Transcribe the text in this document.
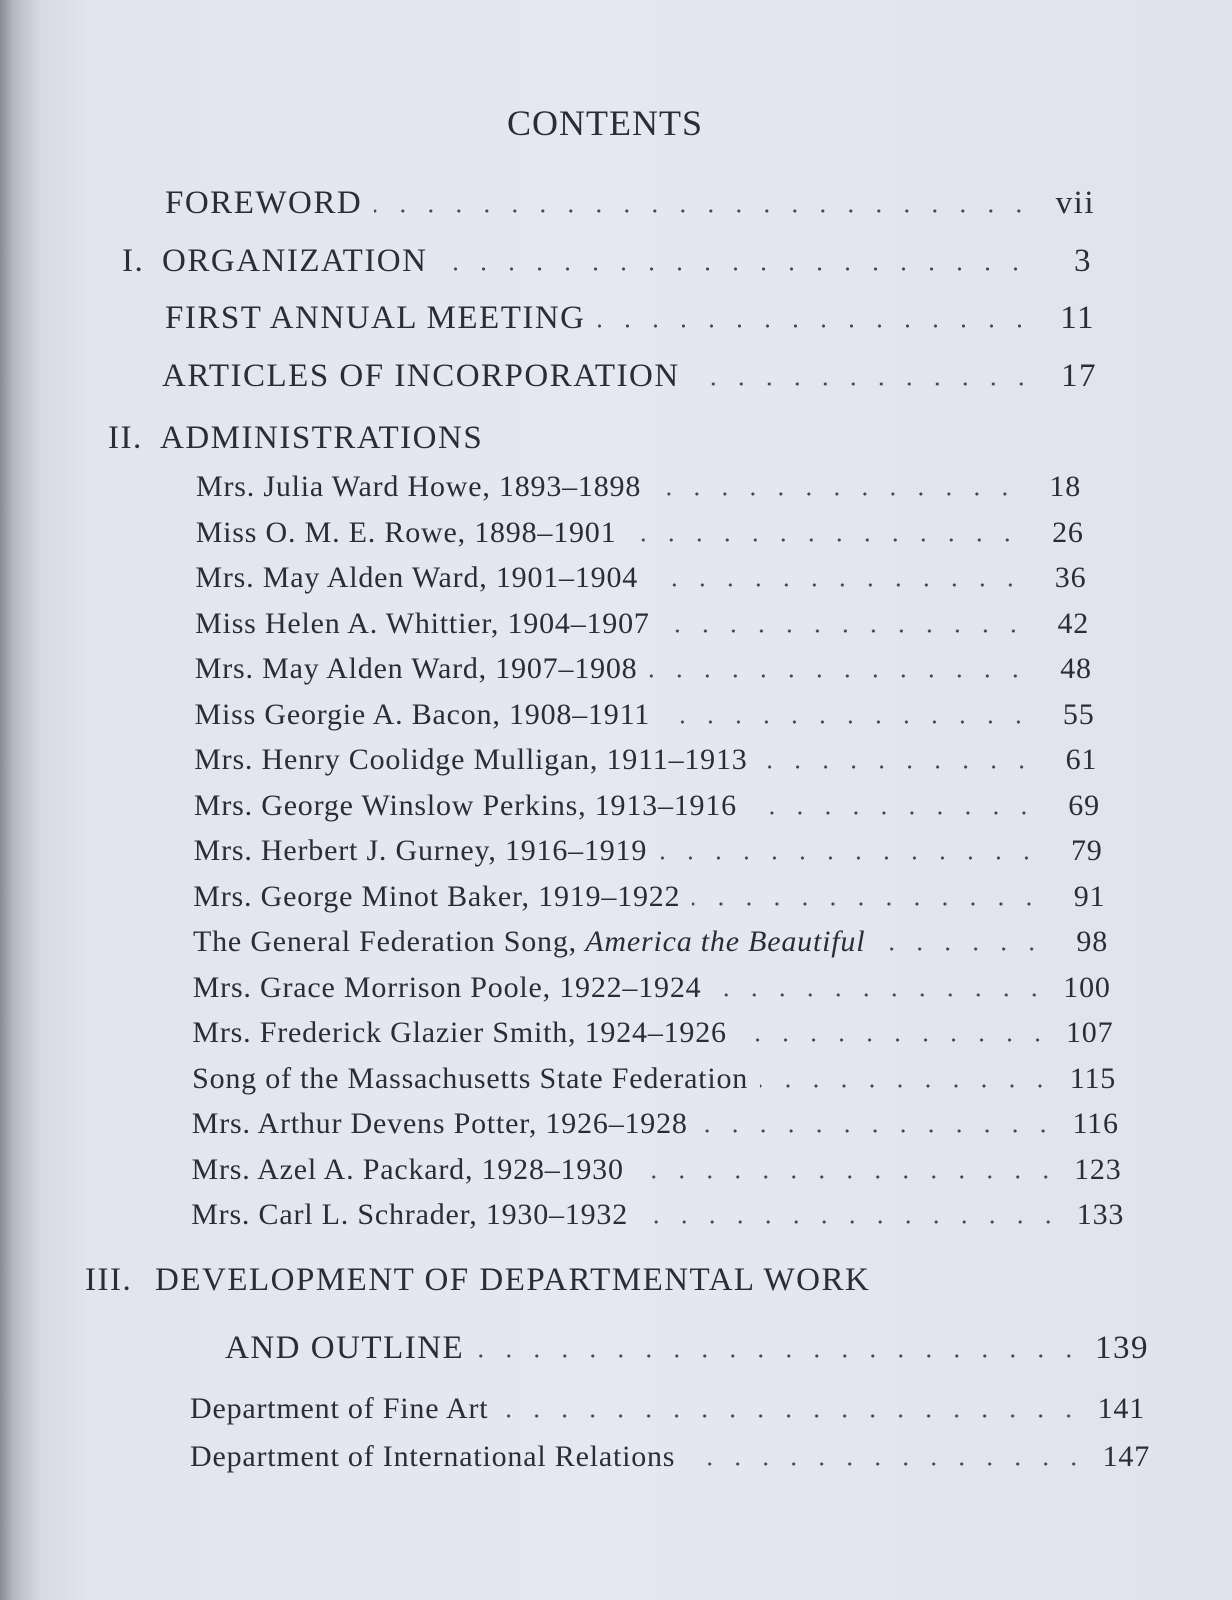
CONTENTS
FOREWORD	vii
I. ORGANIZATION	3
FIRST ANNUAL MEETING	11
ARTICLES OF INCORPORATION	17
II. ADMINISTRATIONS
Mrs. Julia Ward Howe, 1893–1898	18
Miss O. M. E. Rowe, 1898–1901	26
Mrs. May Alden Ward, 1901–1904	36
Miss Helen A. Whittier, 1904–1907	42
Mrs. May Alden Ward, 1907–1908	48
Miss Georgie A. Bacon, 1908–1911	55
Mrs. Henry Coolidge Mulligan, 1911–1913	61
Mrs. George Winslow Perkins, 1913–1916	69
Mrs. Herbert J. Gurney, 1916–1919	79
Mrs. George Minot Baker, 1919–1922	91
The General Federation Song, America the Beautiful	98
Mrs. Grace Morrison Poole, 1922–1924	100
Mrs. Frederick Glazier Smith, 1924–1926	107
Song of the Massachusetts State Federation	115
Mrs. Arthur Devens Potter, 1926–1928	116
Mrs. Azel A. Packard, 1928–1930	123
Mrs. Carl L. Schrader, 1930–1932	133
III. DEVELOPMENT OF DEPARTMENTAL WORK
AND OUTLINE	139
Department of Fine Art	141
Department of International Relations	147
